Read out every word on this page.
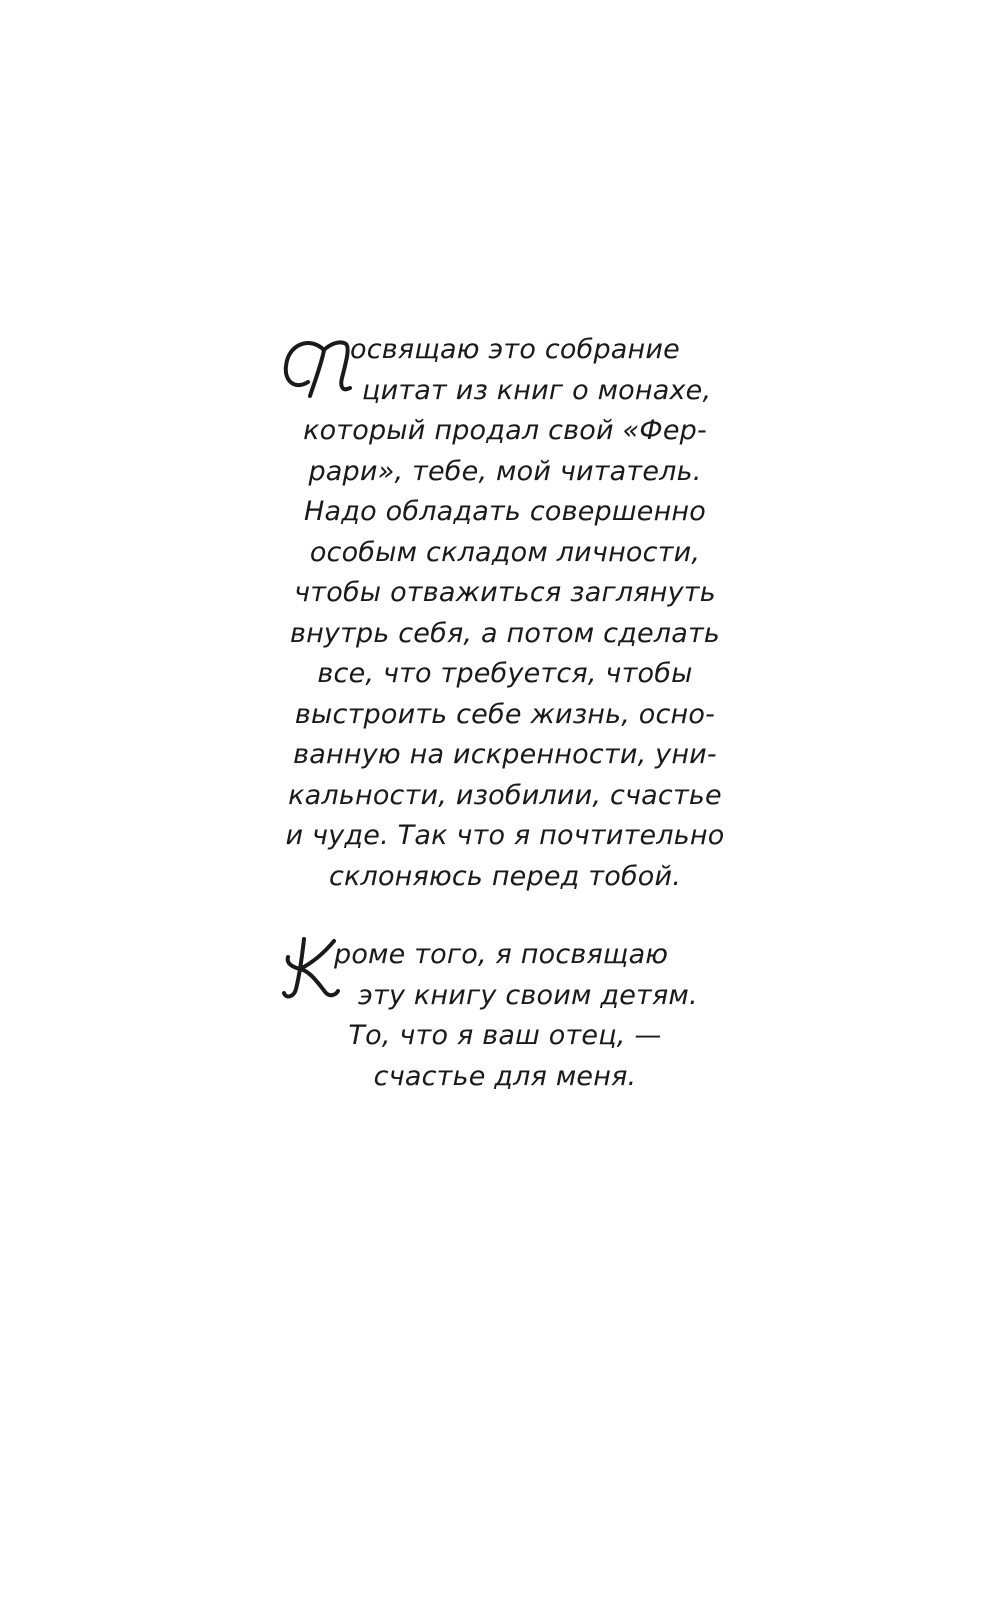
освящаю это собрание
цитат из книг о монахе,
который продал свой «Фер-
рари», тебе, мой читатель.
Надо обладать совершенно
особым складом личности,
чтобы отважиться заглянуть
внутрь себя, а потом сделать
все, что требуется, чтобы
выстроить себе жизнь, осно-
ванную на искренности, уни-
кальности, изобилии, счастье
и чуде. Так что я почтительно
склоняюсь перед тобой.
роме того, я посвящаю
эту книгу своим детям.
То, что я ваш отец, —
счастье для меня.
